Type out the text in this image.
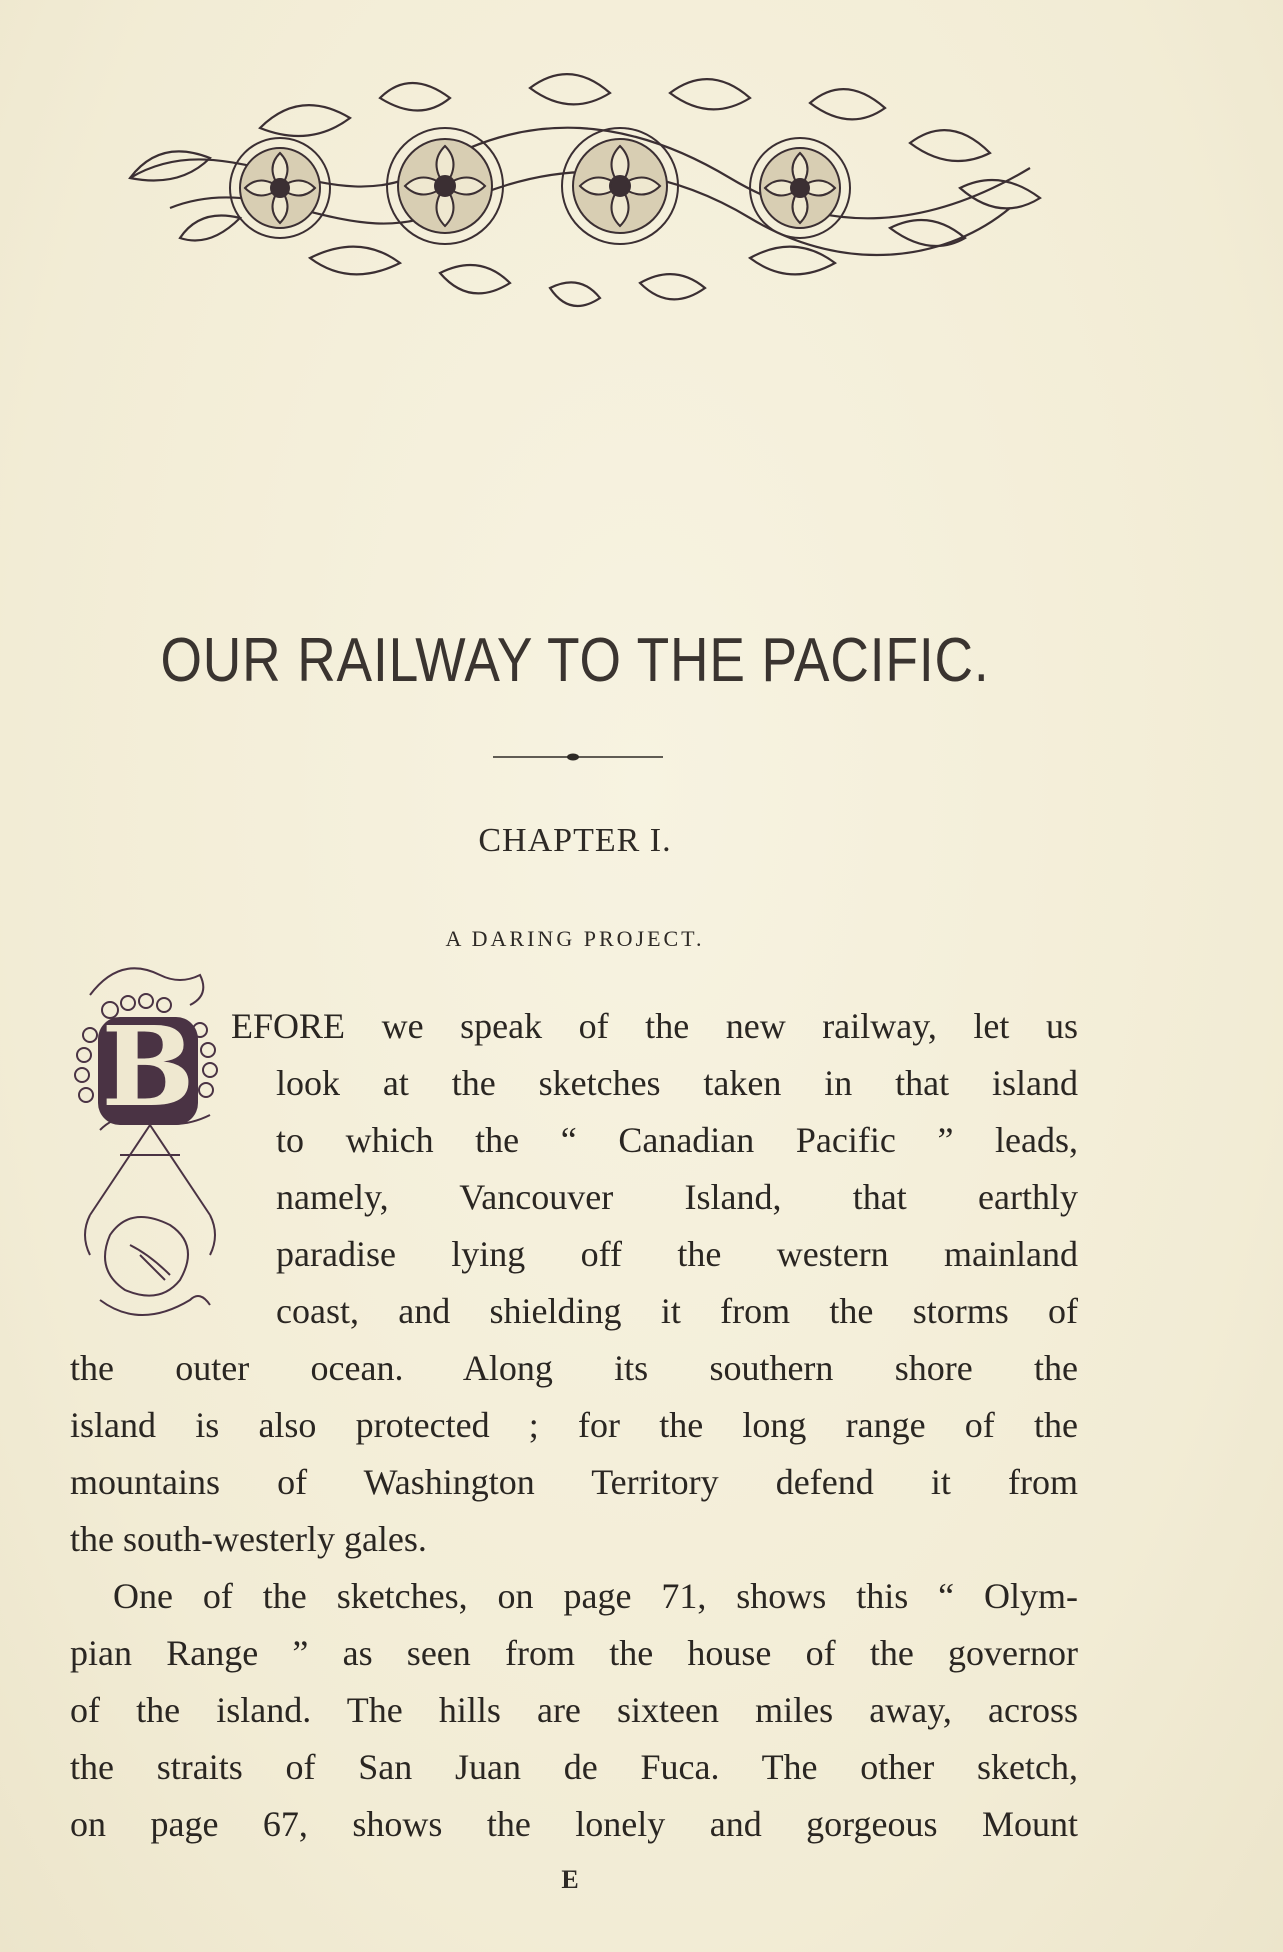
OUR RAILWAY TO THE PACIFIC.
CHAPTER I.
A DARING PROJECT.
B EFORE we speak of the new railway, let us
look at the sketches taken in that island
to which the “ Canadian Pacific ” leads,
namely, Vancouver Island, that earthly
paradise lying off the western mainland
coast, and shielding it from the storms of
the outer ocean. Along its southern shore the
island is also protected ; for the long range of the
mountains of Washington Territory defend it from
the south-westerly gales.
One of the sketches, on page 71, shows this “ Olym-
pian Range ” as seen from the house of the governor
of the island. The hills are sixteen miles away, across
the straits of San Juan de Fuca. The other sketch,
on page 67, shows the lonely and gorgeous Mount
E
